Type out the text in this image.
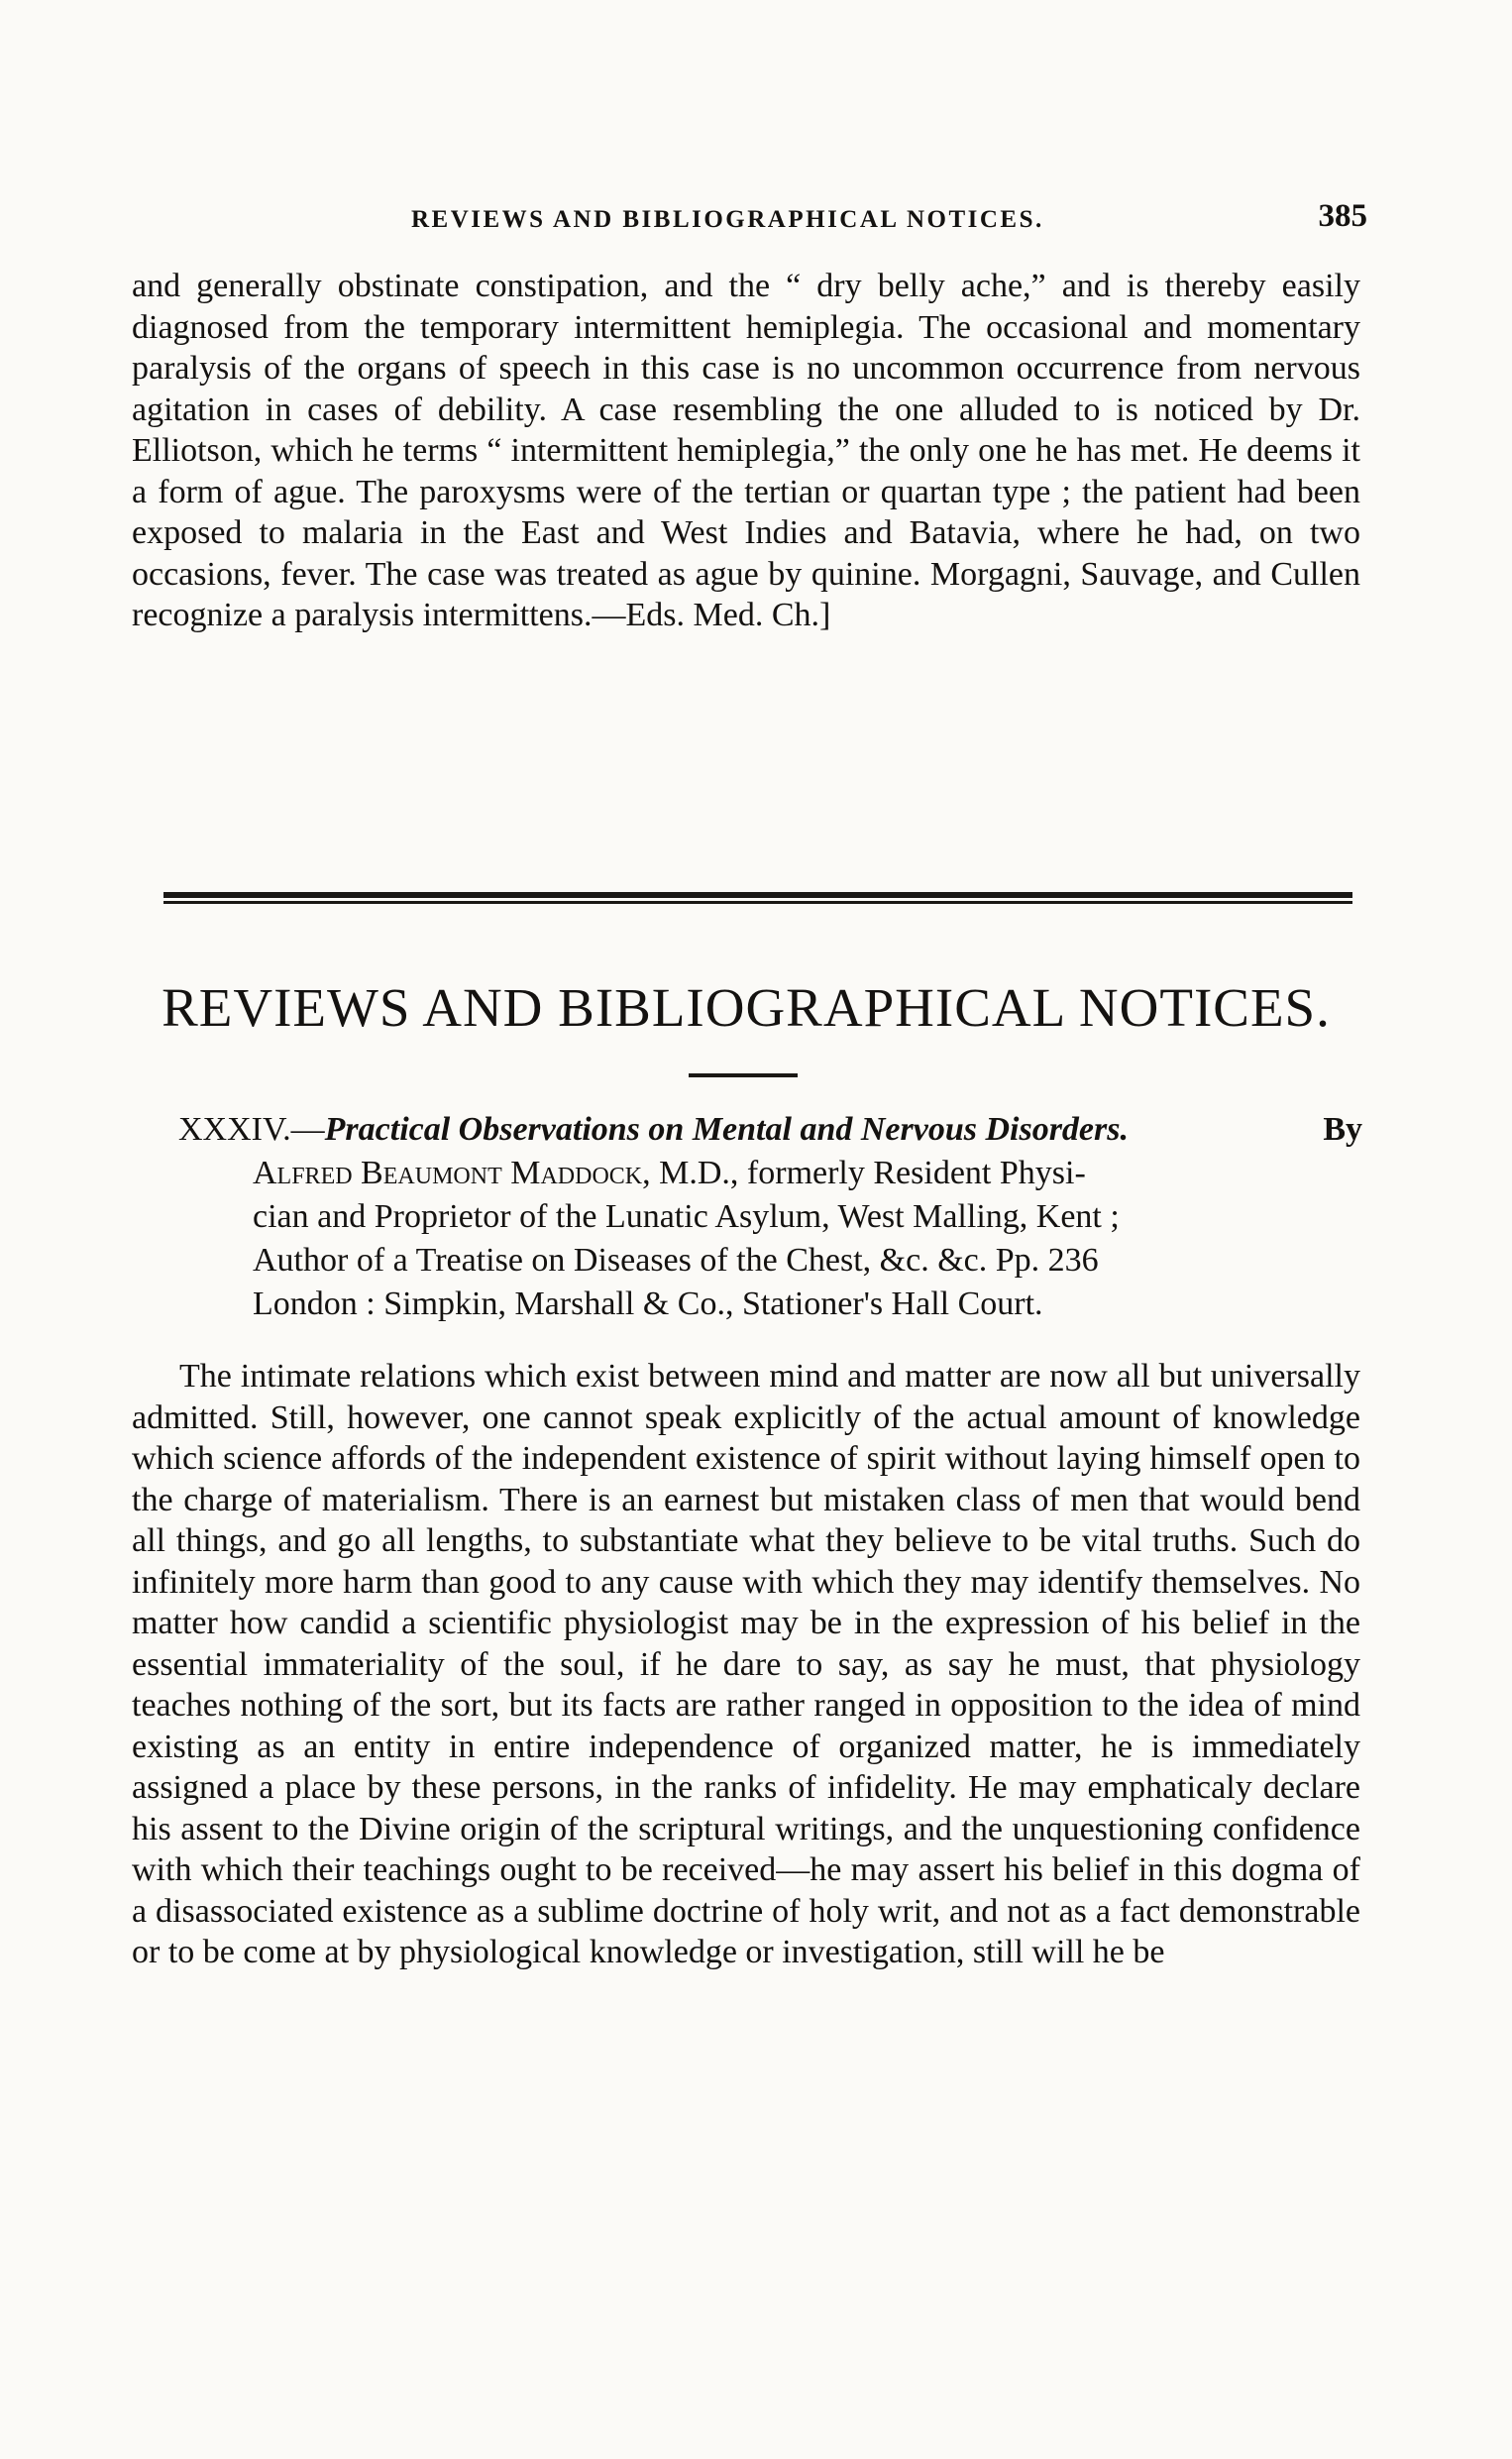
REVIEWS AND BIBLIOGRAPHICAL NOTICES.	385

and generally obstinate constipation, and the “ dry belly ache,” and is thereby easily diagnosed from the temporary intermittent hemiplegia. The occasional and momentary paralysis of the organs of speech in this case is no uncommon occurrence from nervous agitation in cases of debility. A case resembling the one alluded to is noticed by Dr. Elliotson, which he terms “ intermittent hemiplegia,” the only one he has met. He deems it a form of ague. The paroxysms were of the tertian or quartan type ; the patient had been exposed to malaria in the East and West Indies and Batavia, where he had, on two occasions, fever. The case was treated as ague by quinine. Morgagni, Sauvage, and Cullen recognize a paralysis intermittens.—Eds. Med. Ch.]

REVIEWS AND BIBLIOGRAPHICAL NOTICES.
XXXIV.—Practical Observations on Mental and Nervous Disorders.	By
Alfred Beaumont Maddock, M.D., formerly Resident Physi-
cian and Proprietor of the Lunatic Asylum, West Malling, Kent ;
Author of a Treatise on Diseases of the Chest, &c. &c. Pp. 236
London : Simpkin, Marshall & Co., Stationer's Hall Court.

The intimate relations which exist between mind and matter are now all but universally admitted. Still, however, one cannot speak explicitly of the actual amount of knowledge which science affords of the independent existence of spirit without laying himself open to the charge of materialism. There is an earnest but mistaken class of men that would bend all things, and go all lengths, to substantiate what they believe to be vital truths. Such do infinitely more harm than good to any cause with which they may identify themselves. No matter how candid a scientific physiologist may be in the expression of his belief in the essential immateriality of the soul, if he dare to say, as say he must, that physiology teaches nothing of the sort, but its facts are rather ranged in opposition to the idea of mind existing as an entity in entire independence of organized matter, he is immediately assigned a place by these persons, in the ranks of infidelity. He may emphaticaly declare his assent to the Divine origin of the scriptural writings, and the unquestioning confidence with which their teachings ought to be received—he may assert his belief in this dogma of a disassociated existence as a sublime doctrine of holy writ, and not as a fact demonstrable or to be come at by physiological knowledge or investigation, still will he be
